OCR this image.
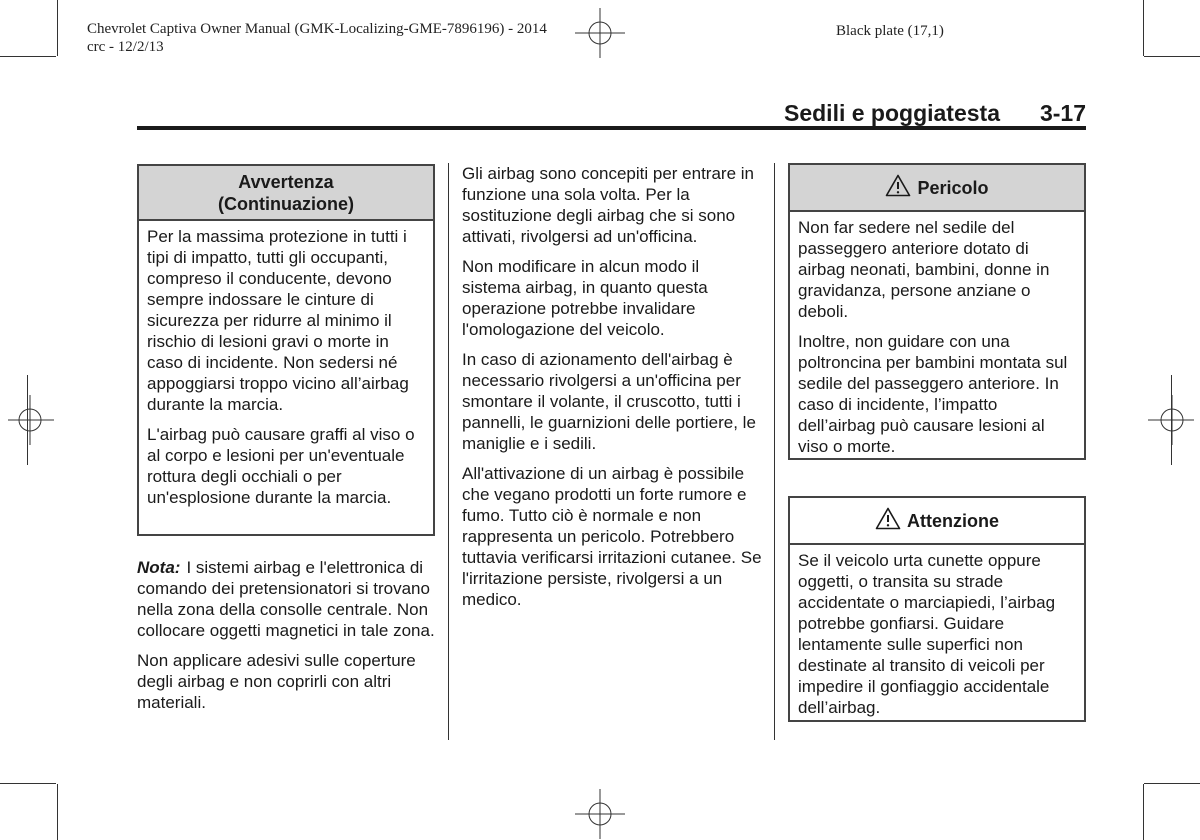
Chevrolet Captiva Owner Manual (GMK-Localizing-GME-7896196) - 2014
crc - 12/2/13
Black plate (17,1)
Sedili e poggiatesta 3-17
Avvertenza
(Continuazione)

Per la massima protezione in tutti i tipi di impatto, tutti gli occupanti, compreso il conducente, devono sempre indossare le cinture di sicurezza per ridurre al minimo il rischio di lesioni gravi o morte in caso di incidente. Non sedersi né appoggiarsi troppo vicino all’airbag durante la marcia.

L'airbag può causare graffi al viso o al corpo e lesioni per un'eventuale rottura degli occhiali o per un'esplosione durante la marcia.

Nota: I sistemi airbag e l'elettronica di comando dei pretensionatori si trovano nella zona della consolle centrale. Non collocare oggetti magnetici in tale zona.

Non applicare adesivi sulle coperture degli airbag e non coprirli con altri materiali.

Gli airbag sono concepiti per entrare in funzione una sola volta. Per la sostituzione degli airbag che si sono attivati, rivolgersi ad un'officina.

Non modificare in alcun modo il sistema airbag, in quanto questa operazione potrebbe invalidare l'omologazione del veicolo.

In caso di azionamento dell'airbag è necessario rivolgersi a un'officina per smontare il volante, il cruscotto, tutti i pannelli, le guarnizioni delle portiere, le maniglie e i sedili.

All'attivazione di un airbag è possibile che vegano prodotti un forte rumore e fumo. Tutto ciò è normale e non rappresenta un pericolo. Potrebbero tuttavia verificarsi irritazioni cutanee. Se l'irritazione persiste, rivolgersi a un medico.

Pericolo

Non far sedere nel sedile del passeggero anteriore dotato di airbag neonati, bambini, donne in gravidanza, persone anziane o deboli.

Inoltre, non guidare con una poltroncina per bambini montata sul sedile del passeggero anteriore. In caso di incidente, l’impatto dell’airbag può causare lesioni al viso o morte.

Attenzione

Se il veicolo urta cunette oppure oggetti, o transita su strade accidentate o marciapiedi, l’airbag potrebbe gonfiarsi. Guidare lentamente sulle superfici non destinate al transito di veicoli per impedire il gonfiaggio accidentale dell’airbag.
